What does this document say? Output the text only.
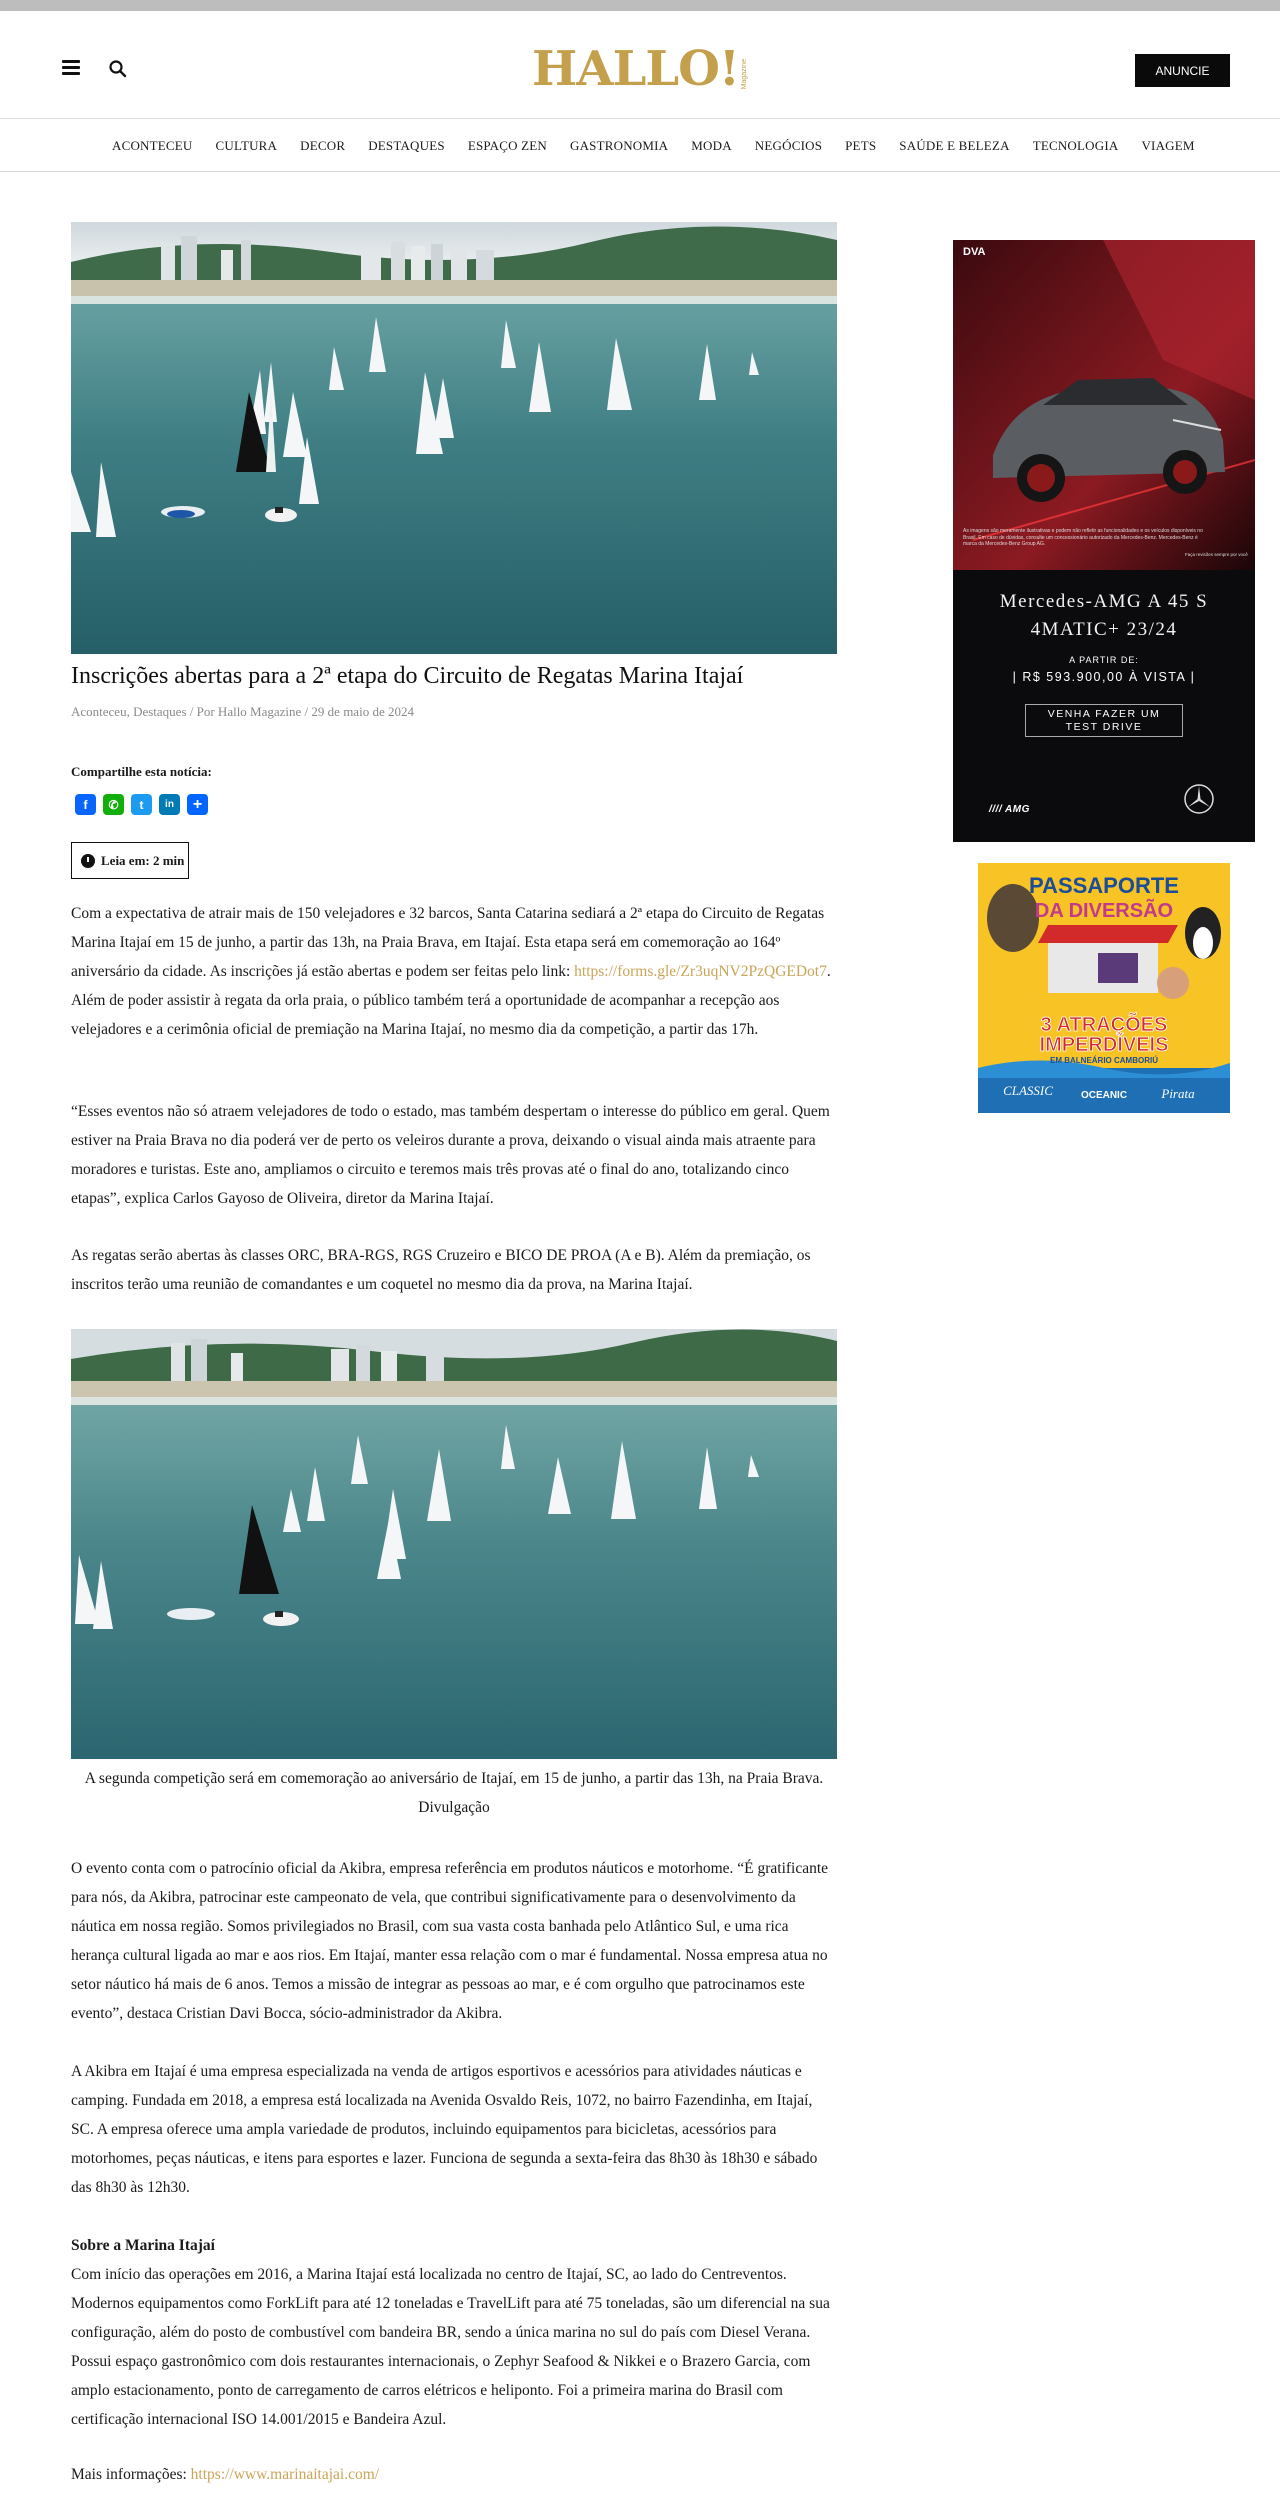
HALLO! Magazine	ANUNCIE
ACONTECEU CULTURA DECOR DESTAQUES ESPAÇO ZEN GASTRONOMIA MODA NEGÓCIOS PETS SAÚDE E BELEZA TECNOLOGIA VIAGEM
Inscrições abertas para a 2ª etapa do Circuito de Regatas Marina Itajaí
Aconteceu, Destaques / Por Hallo Magazine / 29 de maio de 2024
Compartilhe esta notícia:
f	✆	t	in	+
Leia em: 2 min

Com a expectativa de atrair mais de 150 velejadores e 32 barcos, Santa Catarina sediará a 2ª etapa do Circuito de Regatas Marina Itajaí em 15 de junho, a partir das 13h, na Praia Brava, em Itajaí. Esta etapa será em comemoração ao 164º aniversário da cidade. As inscrições já estão abertas e podem ser feitas pelo link: https://forms.gle/Zr3uqNV2PzQGEDot7. Além de poder assistir à regata da orla praia, o público também terá a oportunidade de acompanhar a recepção aos velejadores e a cerimônia oficial de premiação na Marina Itajaí, no mesmo dia da competição, a partir das 17h.

“Esses eventos não só atraem velejadores de todo o estado, mas também despertam o interesse do público em geral. Quem estiver na Praia Brava no dia poderá ver de perto os veleiros durante a prova, deixando o visual ainda mais atraente para moradores e turistas. Este ano, ampliamos o circuito e teremos mais três provas até o final do ano, totalizando cinco etapas”, explica Carlos Gayoso de Oliveira, diretor da Marina Itajaí.

As regatas serão abertas às classes ORC, BRA-RGS, RGS Cruzeiro e BICO DE PROA (A e B). Além da premiação, os inscritos terão uma reunião de comandantes e um coquetel no mesmo dia da prova, na Marina Itajaí.

A segunda competição será em comemoração ao aniversário de Itajaí, em 15 de junho, a partir das 13h, na Praia Brava. Divulgação

O evento conta com o patrocínio oficial da Akibra, empresa referência em produtos náuticos e motorhome. “É gratificante para nós, da Akibra, patrocinar este campeonato de vela, que contribui significativamente para o desenvolvimento da náutica em nossa região. Somos privilegiados no Brasil, com sua vasta costa banhada pelo Atlântico Sul, e uma rica herança cultural ligada ao mar e aos rios. Em Itajaí, manter essa relação com o mar é fundamental. Nossa empresa atua no setor náutico há mais de 6 anos. Temos a missão de integrar as pessoas ao mar, e é com orgulho que patrocinamos este evento”, destaca Cristian Davi Bocca, sócio-administrador da Akibra.

A Akibra em Itajaí é uma empresa especializada na venda de artigos esportivos e acessórios para atividades náuticas e camping. Fundada em 2018, a empresa está localizada na Avenida Osvaldo Reis, 1072, no bairro Fazendinha, em Itajaí, SC. A empresa oferece uma ampla variedade de produtos, incluindo equipamentos para bicicletas, acessórios para motorhomes, peças náuticas, e itens para esportes e lazer. Funciona de segunda a sexta-feira das 8h30 às 18h30 e sábado das 8h30 às 12h30.

Sobre a Marina Itajaí

Com início das operações em 2016, a Marina Itajaí está localizada no centro de Itajaí, SC, ao lado do Centreventos. Modernos equipamentos como ForkLift para até 12 toneladas e TravelLift para até 75 toneladas, são um diferencial na sua configuração, além do posto de combustível com bandeira BR, sendo a única marina no sul do país com Diesel Verana. Possui espaço gastronômico com dois restaurantes internacionais, o Zephyr Seafood & Nikkei e o Brazero Garcia, com amplo estacionamento, ponto de carregamento de carros elétricos e heliponto. Foi a primeira marina do Brasil com certificação internacional ISO 14.001/2015 e Bandeira Azul.

Mais informações: https://www.marinaitajai.com/

DVA
As imagens são meramente ilustrativas e podem não refletir as funcionalidades e os veículos disponíveis no Brasil. Em caso de dúvidas, consulte um concessionário autorizado da Mercedes-Benz. Mercedes-Benz é marca da Mercedes-Benz Group AG.
Faça revisões sempre por você
Mercedes-AMG A 45 S 4MATIC+ 23/24
A PARTIR DE:
| R$ 593.900,00 À VISTA |
VENHA FAZER UM TEST DRIVE
//// AMG
PASSAPORTE
DA DIVERSÃO
3 ATRAÇÕES
IMPERDÍVEIS
EM BALNEÁRIO CAMBORIÚ
CLASSIC	OCEANIC	Pirata
